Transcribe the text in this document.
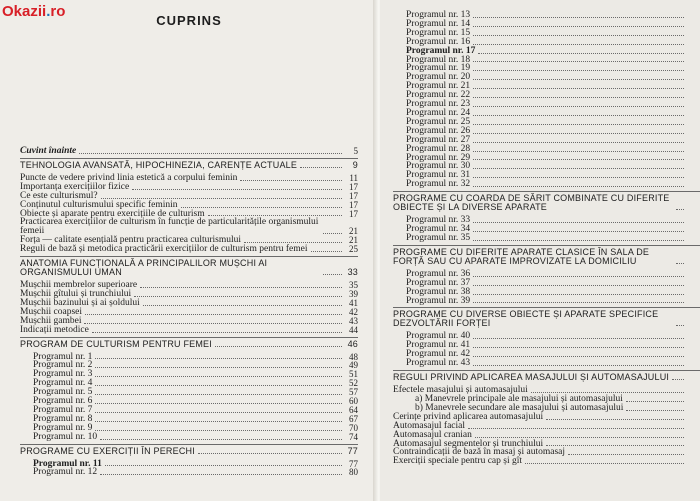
Okazii.ro
CUPRINS
Cuvint înainte	5
TEHNOLOGIA AVANSATĂ, HIPOCHINEZIA, CARENȚE ACTUALE	9
Puncte de vedere privind linia estetică a corpului feminin	11
Importanța exercițiilor fizice	17
Ce este culturismul?	17
Conținutul culturismului specific feminin	17
Obiecte și aparate pentru exercițiile de culturism	17
Practicarea exercițiilor de culturism în funcție de particularitățile organismului femeii	21
Forța — calitate esențială pentru practicarea culturismului	21
Reguli de bază și metodica practicării exercițiilor de culturism pentru femei	25
ANATOMIA FUNCȚIONALĂ A PRINCIPALILOR MUȘCHI AI ORGANISMULUI UMAN	33
Mușchii membrelor superioare	35
Mușchii gîtului și trunchiului	39
Mușchii bazinului și ai șoldului	41
Mușchii coapsei	42
Mușchii gambei	43
Indicații metodice	44
PROGRAM DE CULTURISM PENTRU FEMEI	46
Programul nr. 1	48
Programul nr. 2	49
Programul nr. 3	51
Programul nr. 4	52
Programul nr. 5	57
Programul nr. 6	60
Programul nr. 7	64
Programul nr. 8	67
Programul nr. 9	70
Programul nr. 10	74
PROGRAME CU EXERCIȚII ÎN PERECHI	77
Programul nr. 11	77
Programul nr. 12	80
Programul nr. 13
Programul nr. 14
Programul nr. 15
Programul nr. 16
Programul nr. 17
Programul nr. 18
Programul nr. 19
Programul nr. 20
Programul nr. 21
Programul nr. 22
Programul nr. 23
Programul nr. 24
Programul nr. 25
Programul nr. 26
Programul nr. 27
Programul nr. 28
Programul nr. 29
Programul nr. 30
Programul nr. 31
Programul nr. 32
PROGRAME CU COARDA DE SĂRIT COMBINATE CU DIFERITE OBIECTE ȘI LA DIVERSE APARATE
Programul nr. 33
Programul nr. 34
Programul nr. 35
PROGRAME CU DIFERITE APARATE CLASICE ÎN SALA DE FORȚĂ SAU CU APARATE IMPROVIZATE LA DOMICILIU
Programul nr. 36
Programul nr. 37
Programul nr. 38
Programul nr. 39
PROGRAME CU DIVERSE OBIECTE ȘI APARATE SPECIFICE DEZVOLTĂRII FORȚEI
Programul nr. 40
Programul nr. 41
Programul nr. 42
Programul nr. 43
REGULI PRIVIND APLICAREA MASAJULUI ȘI AUTOMASAJULUI
Efectele masajului și automasajului
a) Manevrele principale ale masajului și automasajului
b) Manevrele secundare ale masajului și automasajului
Cerințe privind aplicarea automasajului
Automasajul facial
Automasajul cranian
Automasajul segmentelor și trunchiului
Contraindicații de bază în masaj și automasaj
Exerciții speciale pentru cap și gît
